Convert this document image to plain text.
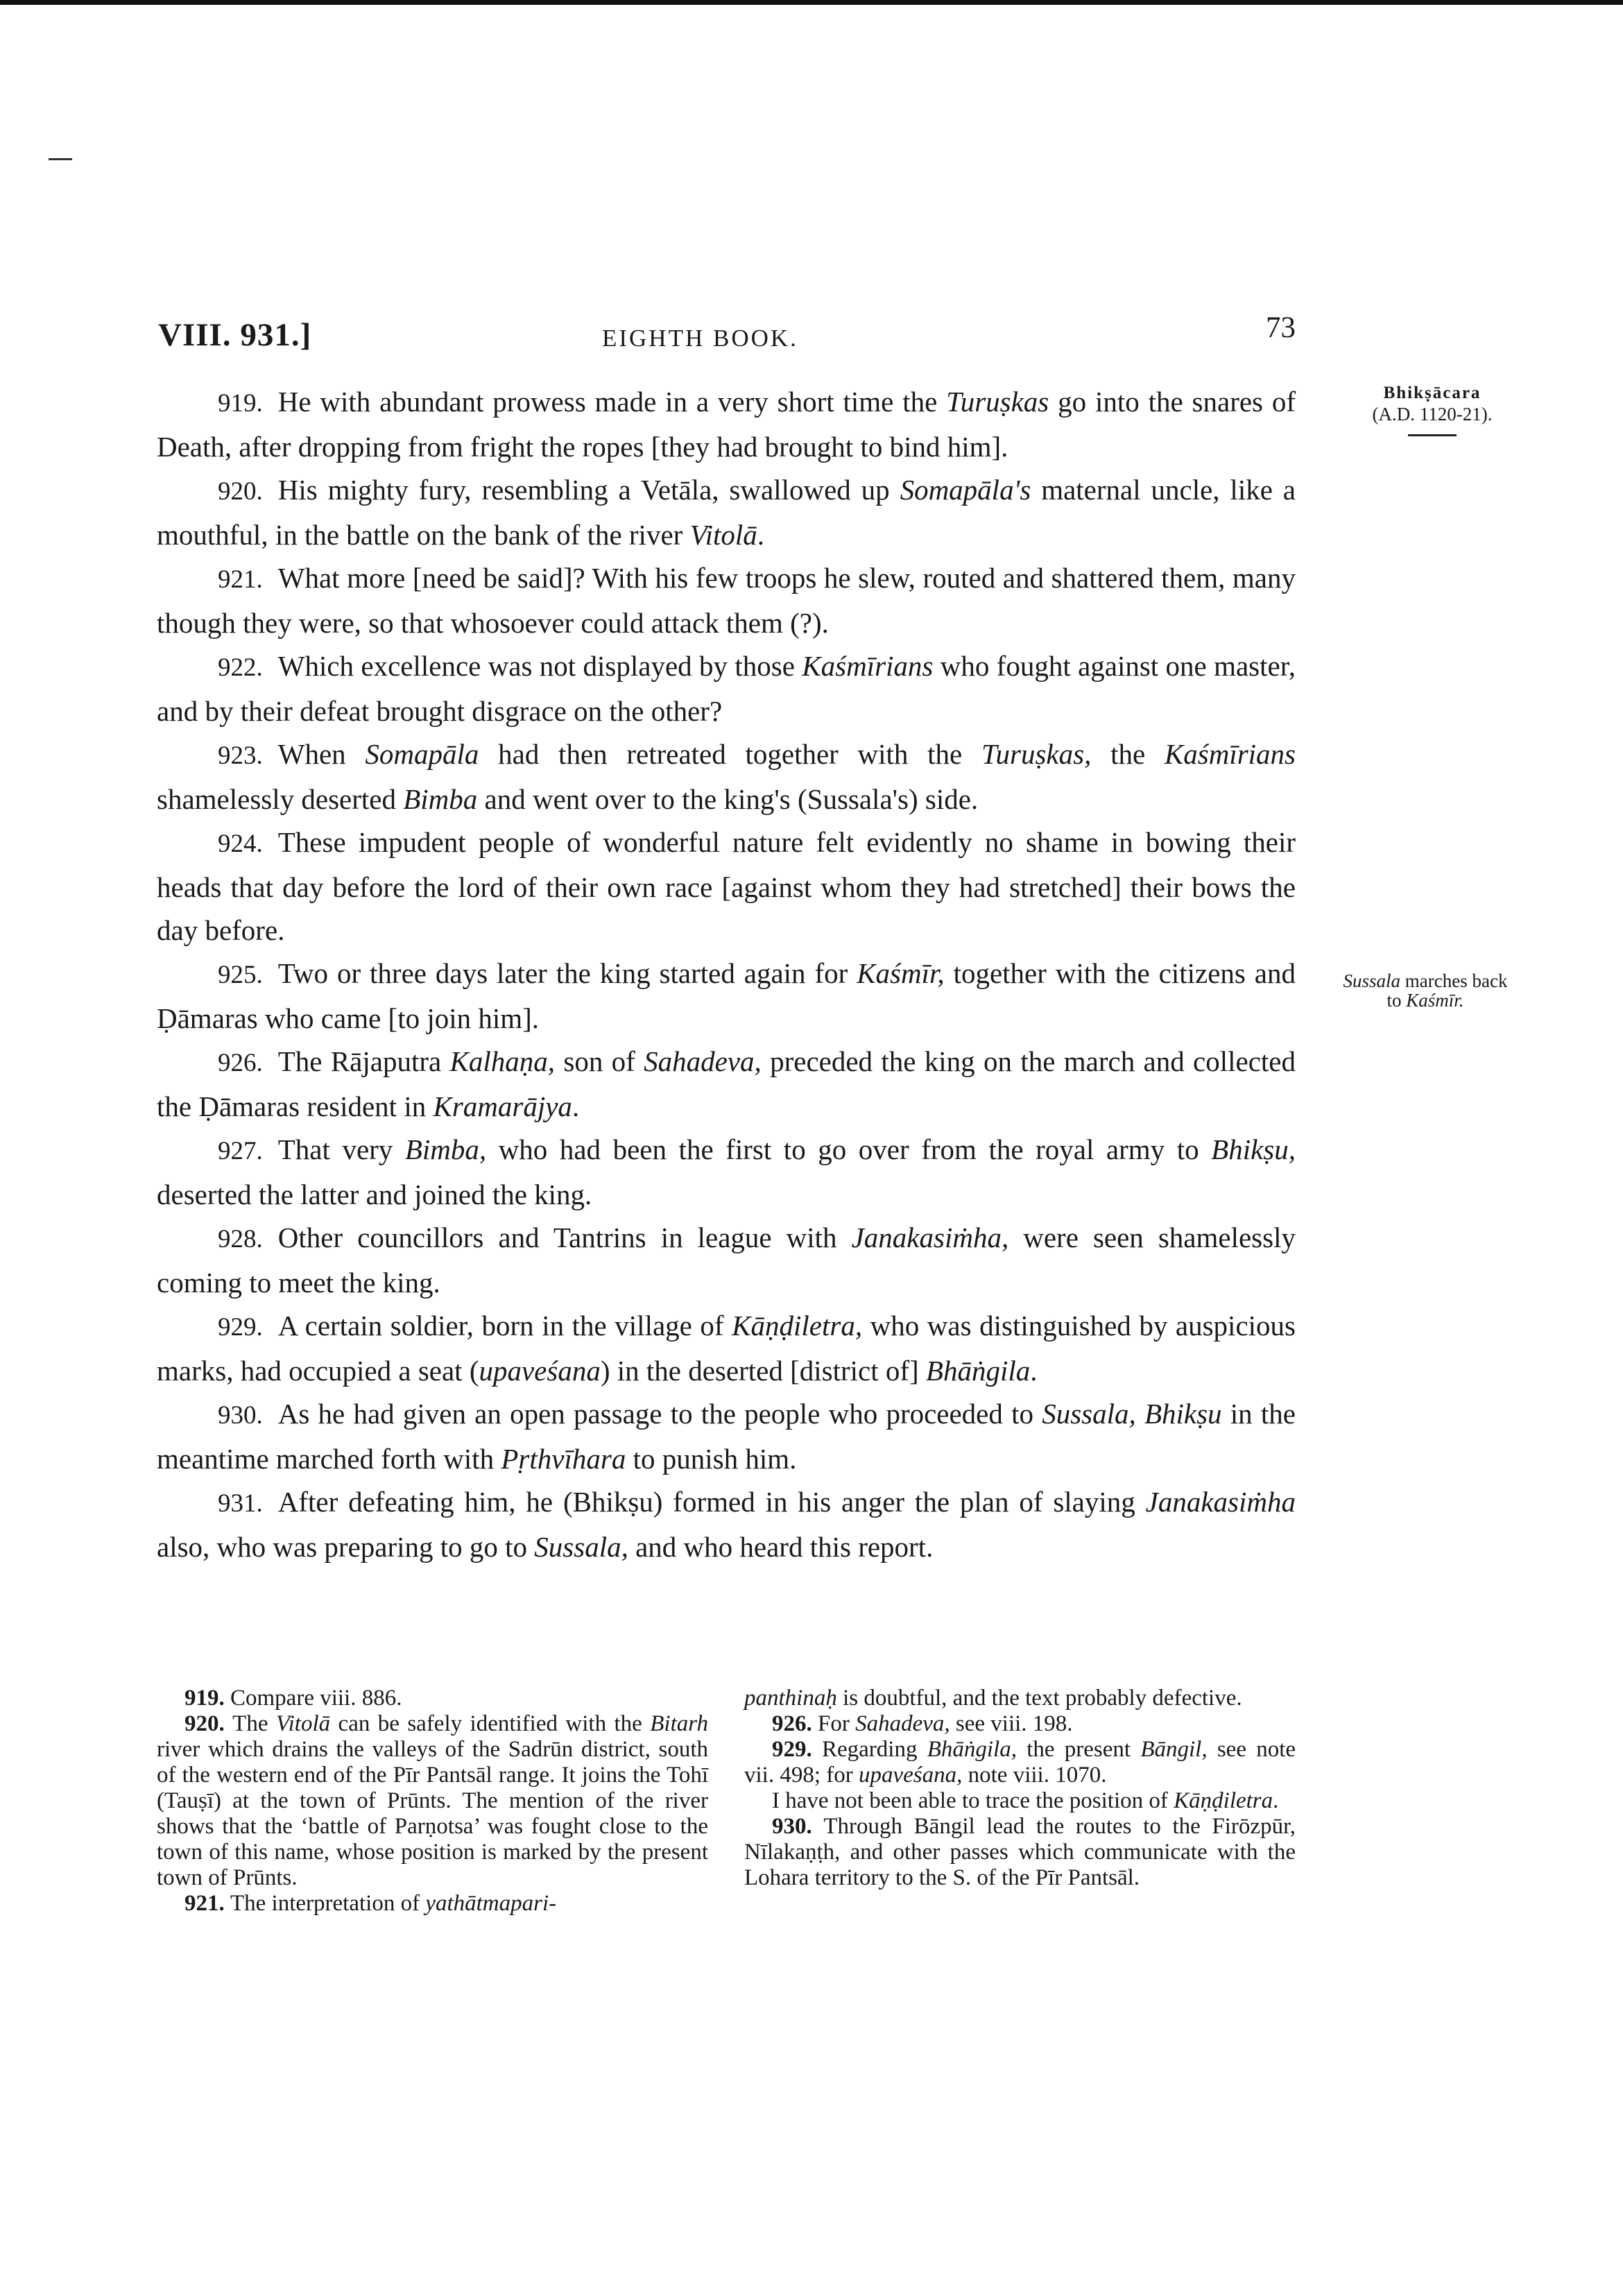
VIII. 931.]	EIGHTH BOOK.	73
Bhikṣācara
(A.D. 1120-21).
Sussala marches back
to Kaśmīr.

919. He with abundant prowess made in a very short time the Turuṣkas go into the snares of Death, after dropping from fright the ropes [they had brought to bind him].

920. His mighty fury, resembling a Vetāla, swallowed up Somapāla's maternal uncle, like a mouthful, in the battle on the bank of the river Vitolā.

921. What more [need be said]? With his few troops he slew, routed and shattered them, many though they were, so that whosoever could attack them (?).

922. Which excellence was not displayed by those Kaśmīrians who fought against one master, and by their defeat brought disgrace on the other?

923. When Somapāla had then retreated together with the Turuṣkas, the Kaśmīrians shamelessly deserted Bimba and went over to the king's (Sussala's) side.

924. These impudent people of wonderful nature felt evidently no shame in bowing their heads that day before the lord of their own race [against whom they had stretched] their bows the day before.

925. Two or three days later the king started again for Kaśmīr, together with the citizens and Ḍāmaras who came [to join him].

926. The Rājaputra Kalhaṇa, son of Sahadeva, preceded the king on the march and collected the Ḍāmaras resident in Kramarājya.

927. That very Bimba, who had been the first to go over from the royal army to Bhikṣu, deserted the latter and joined the king.

928. Other councillors and Tantrins in league with Janakasiṁha, were seen shamelessly coming to meet the king.

929. A certain soldier, born in the village of Kāṇḍiletra, who was distinguished by auspicious marks, had occupied a seat (upaveśana) in the deserted [district of] Bhāṅgila.

930. As he had given an open passage to the people who proceeded to Sussala, Bhikṣu in the meantime marched forth with Pṛthvīhara to punish him.

931. After defeating him, he (Bhikṣu) formed in his anger the plan of slaying Janakasiṁha also, who was preparing to go to Sussala, and who heard this report.

919. Compare viii. 886.

920. The Vitolā can be safely identified with the Bitarh river which drains the valleys of the Sadrūn district, south of the western end of the Pīr Pantsāl range. It joins the Tohī (Tauṣī) at the town of Prūnts. The mention of the river shows that the ‘battle of Parṇotsa’ was fought close to the town of this name, whose position is marked by the present town of Prūnts.

921. The interpretation of yathātmapari-

panthinaḥ is doubtful, and the text probably defective.

926. For Sahadeva, see viii. 198.

929. Regarding Bhāṅgila, the present Bāngil, see note vii. 498; for upaveśana, note viii. 1070.

I have not been able to trace the position of Kāṇḍiletra.

930. Through Bāngil lead the routes to the Firōzpūr, Nīlakaṇṭh, and other passes which communicate with the Lohara territory to the S. of the Pīr Pantsāl.
